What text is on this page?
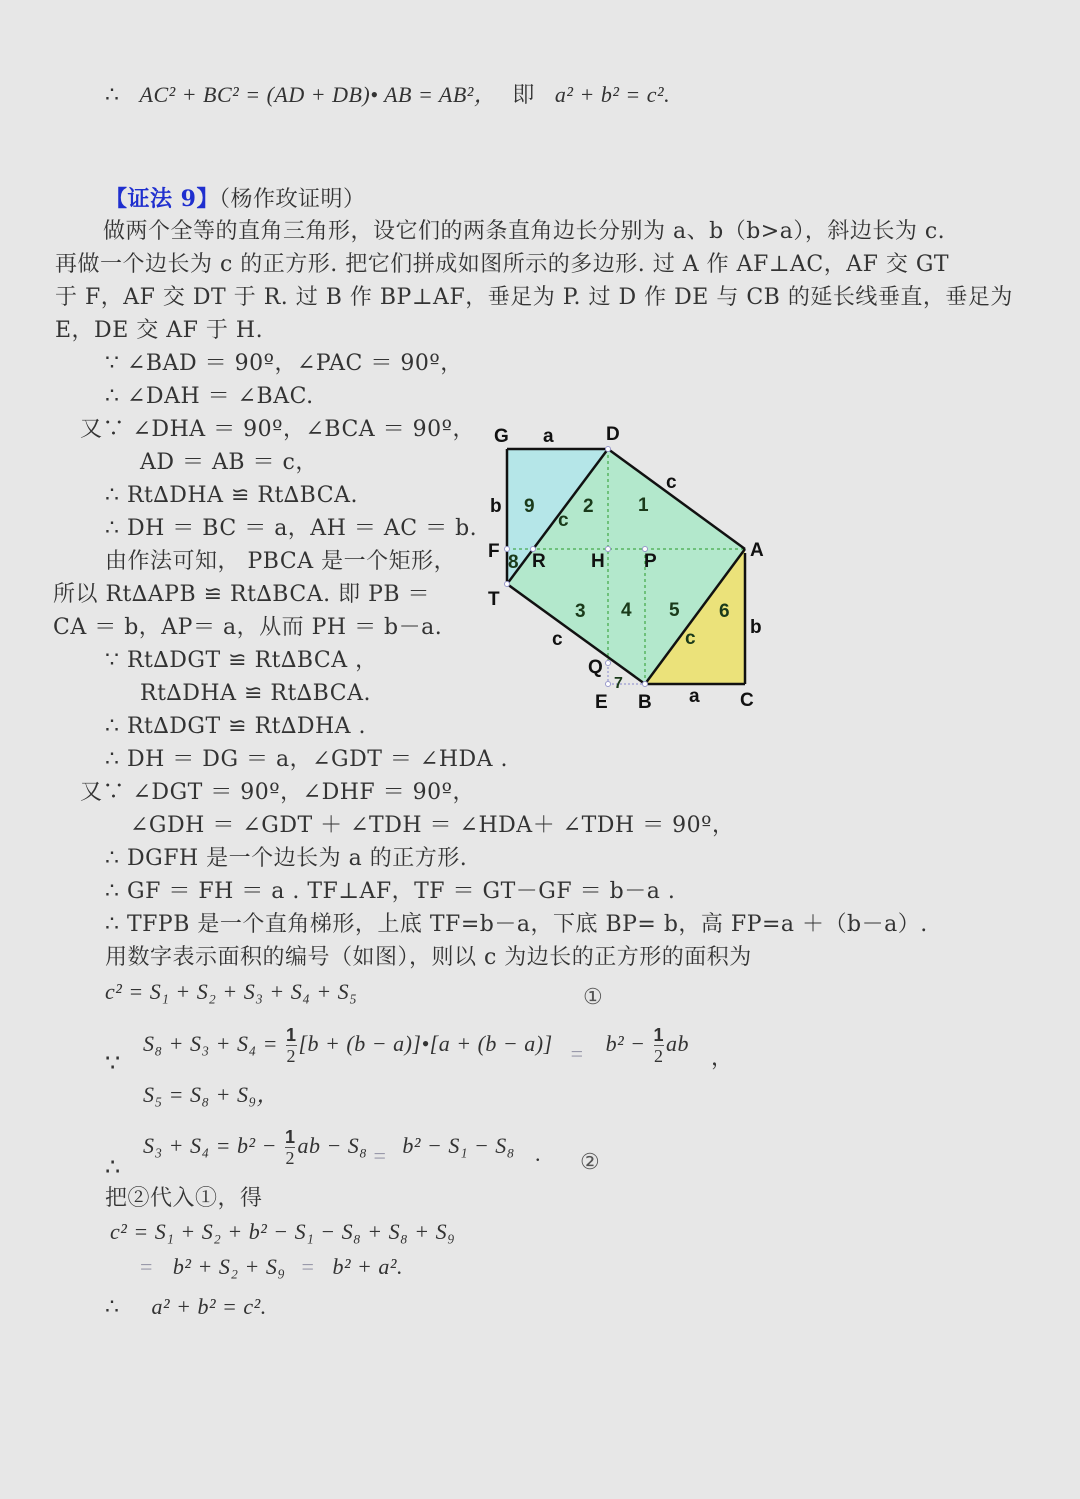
∴ AC² + BC² = (AD + DB)• AB = AB²， 即 a² + b² = c².
【证法 9】（杨作玫证明）
做两个全等的直角三角形，设它们的两条直角边长分别为 a、b（b>a），斜边长为 c.
再做一个边长为 c 的正方形. 把它们拼成如图所示的多边形. 过 A 作 AF⊥AC，AF 交 GT
于 F，AF 交 DT 于 R. 过 B 作 BP⊥AF，垂足为 P. 过 D 作 DE 与 CB 的延长线垂直，垂足为
E，DE 交 AF 于 H.
∵ ∠BAD ＝ 90º，∠PAC ＝ 90º，
∴ ∠DAH ＝ ∠BAC.
又∵ ∠DHA ＝ 90º，∠BCA ＝ 90º，
AD ＝ AB ＝ c，
∴ Rt∆DHA ≌ Rt∆BCA.
∴ DH ＝ BC ＝ a，AH ＝ AC ＝ b.
由作法可知， PBCA 是一个矩形，
所以 Rt∆APB ≌ Rt∆BCA. 即 PB ＝
CA ＝ b，AP＝ a，从而 PH ＝ b－a.
∵ Rt∆DGT ≌ Rt∆BCA ，
Rt∆DHA ≌ Rt∆BCA.
∴ Rt∆DGT ≌ Rt∆DHA .
∴ DH ＝ DG ＝ a，∠GDT ＝ ∠HDA .
又∵ ∠DGT ＝ 90º，∠DHF ＝ 90º，
∠GDH ＝ ∠GDT ＋ ∠TDH ＝ ∠HDA＋ ∠TDH ＝ 90º，
∴ DGFH 是一个边长为 a 的正方形.
∴ GF ＝ FH ＝ a . TF⊥AF，TF ＝ GT－GF ＝ b－a .
∴ TFPB 是一个直角梯形，上底 TF=b－a，下底 BP= b，高 FP=a ＋（b－a）.
用数字表示面积的编号（如图），则以 c 为边长的正方形的面积为
c² = S₁ + S₂ + S₃ + S₄ + S₅	①
∵
$S_8 + S_3 + S_4 = \frac{1}{2} [b + (b$ − a)]•[a + $(b - a)] = b^2 - \frac{1}{2}$ ab ，
S₅ = S₈ + S₉，
∴
$S_3 + S_4 = b^2 - \frac{1}{2}$ ab − S₈ = b² − S₁ − S₈ . ②
把②代入①，得
c² = S₁ + S₂ + b² − S₁ − S₈ + S₈ + S₉
= b² + S₂ + S₉ = b² + a².
∴ a² + b² = c².
G	D
A
F R H P
T
Q
E B	C
a
b
c
c
c	c
b
a
1
2
3 4 5 6
7
8
9
